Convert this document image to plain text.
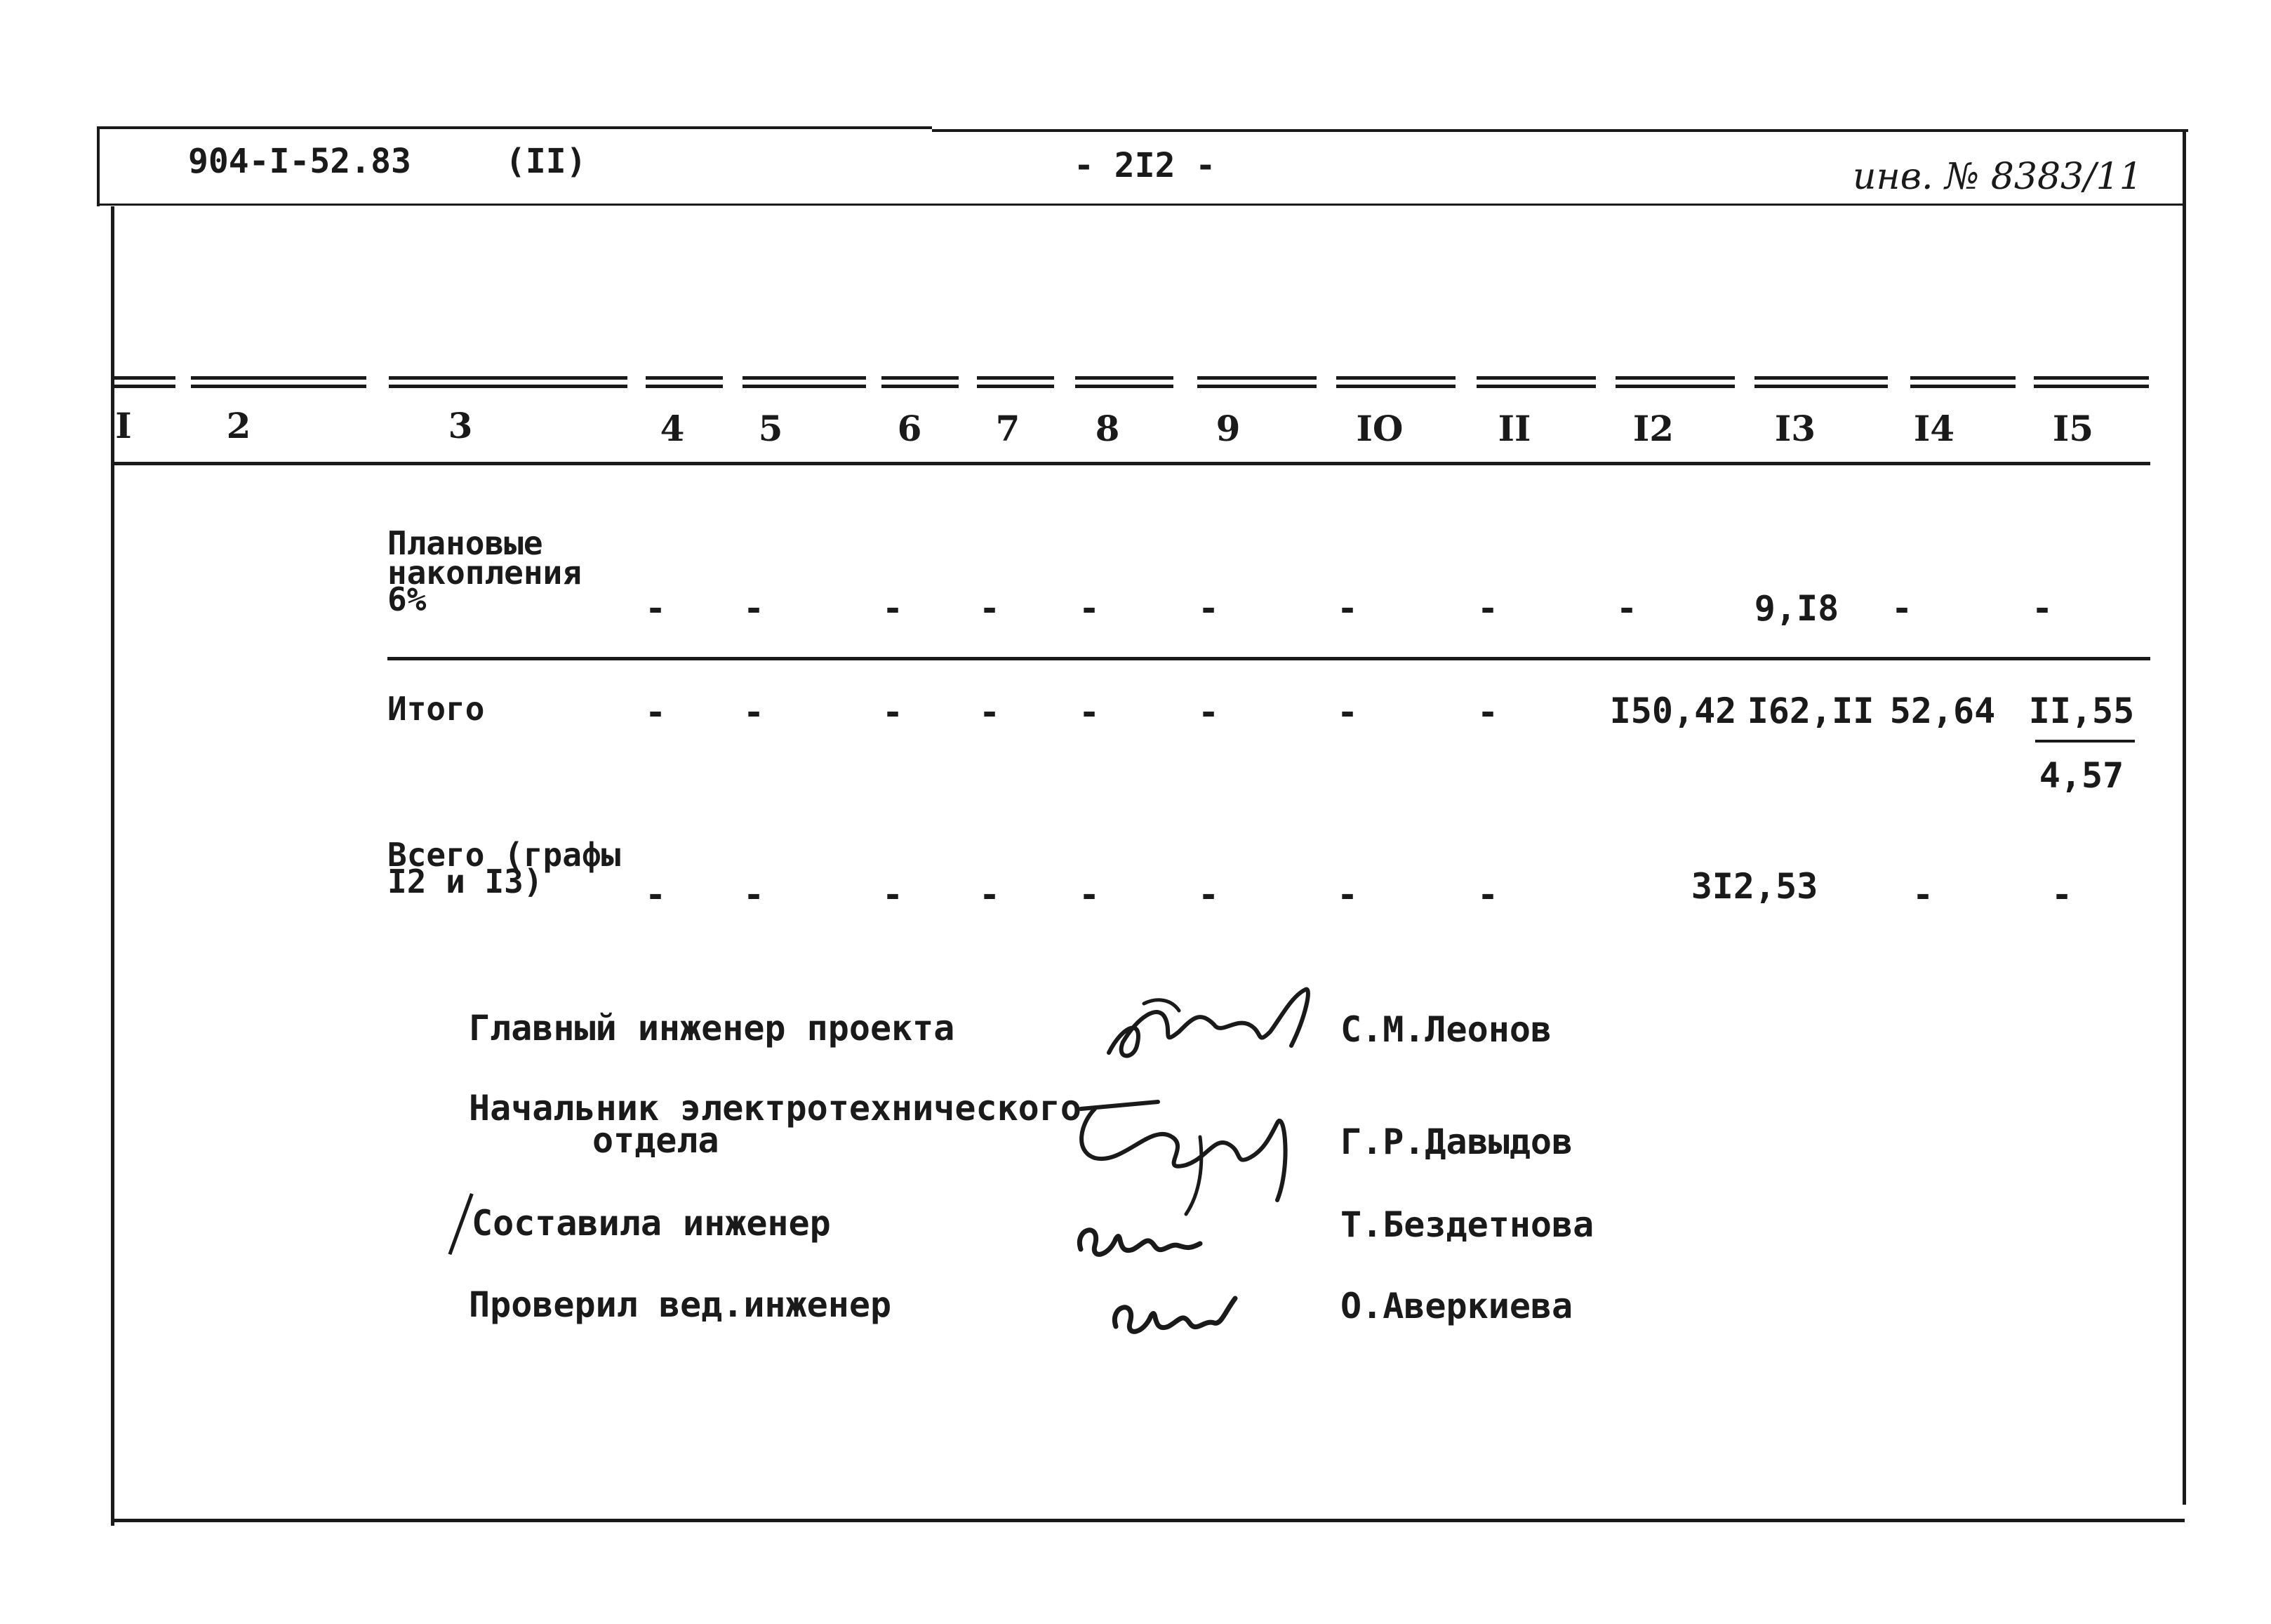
904-I-52.83	(II)	- 2I2 -	инв. № 8383/11
I	2	3	4	5	6	7	8	9	IO	II	I2	I3	I4	I5
Плановые
накопления
6%	-	-	-	-	-	-	-	-	-	9,I8	-	-
Итого	-	-	-	-	-	-	-	-	I50,42 I62,II 52,64 II,55
4,57
Всего (графы
I2 и I3)	-	-	-	-	-	-	-	-	3I2,53	-	-
Главный инженер проекта	С.М.Леонов
Начальник электротехнического
отдела	Г.Р.Давыдов
Составила инженер	Т.Бездетнова
Проверил вед.инженер	О.Аверкиева
